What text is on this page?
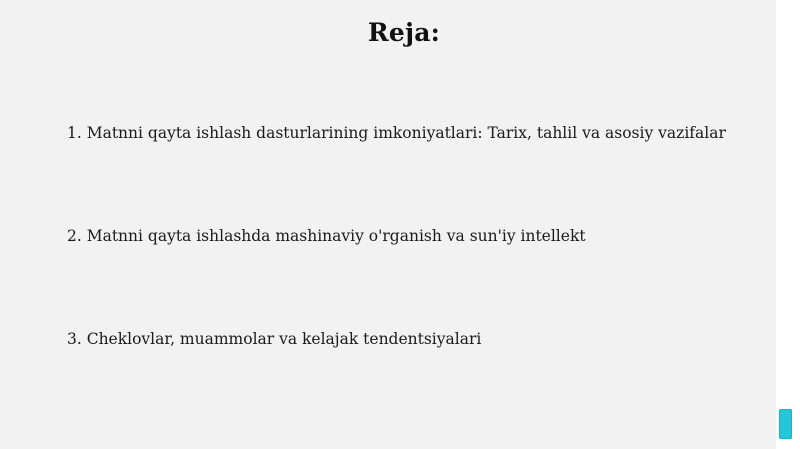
Reja:
1. Matnni qayta ishlash dasturlarining imkoniyatlari: Tarix, tahlil va asosiy vazifalar
2. Matnni qayta ishlashda mashinaviy o'rganish va sun'iy intellekt
3. Cheklovlar, muammolar va kelajak tendentsiyalari
